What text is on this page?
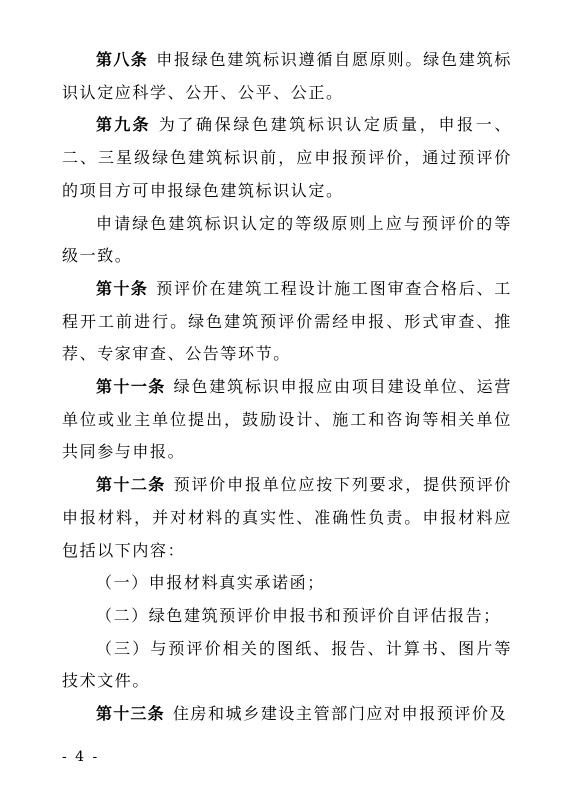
第八条 申报绿色建筑标识遵循自愿原则。绿色建筑标识认定应科学、公开、公平、公正。

第九条 为了确保绿色建筑标识认定质量，申报一、二、三星级绿色建筑标识前，应申报预评价，通过预评价的项目方可申报绿色建筑标识认定。

申请绿色建筑标识认定的等级原则上应与预评价的等级一致。

第十条 预评价在建筑工程设计施工图审查合格后、工程开工前进行。绿色建筑预评价需经申报、形式审查、推荐、专家审查、公告等环节。

第十一条 绿色建筑标识申报应由项目建设单位、运营单位或业主单位提出，鼓励设计、施工和咨询等相关单位共同参与申报。

第十二条 预评价申报单位应按下列要求，提供预评价申报材料，并对材料的真实性、准确性负责。申报材料应包括以下内容：

（一）申报材料真实承诺函；

（二）绿色建筑预评价申报书和预评价自评估报告；

（三）与预评价相关的图纸、报告、计算书、图片等技术文件。

第十三条 住房和城乡建设主管部门应对申报预评价及

- 4 -
